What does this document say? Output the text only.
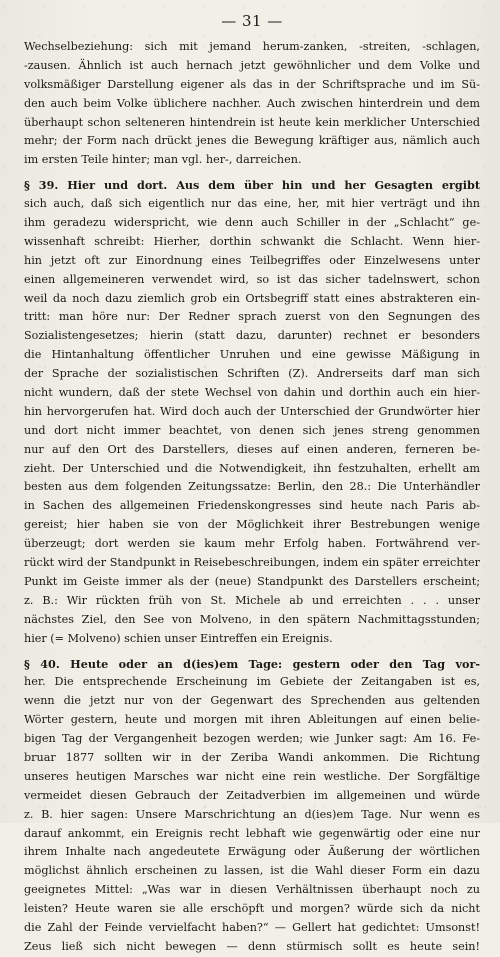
— 31 —
Wechselbeziehung: sich mit jemand herum-zanken, -streiten, -schlagen,
-zausen. Ähnlich ist auch hernach jetzt gewöhnlicher und dem Volke und
volksmäßiger Darstellung eigener als das in der Schriftsprache und im Sü-
den auch beim Volke üblichere nachher. Auch zwischen hinterdrein und dem
überhaupt schon selteneren hintendrein ist heute kein merklicher Unterschied
mehr; der Form nach drückt jenes die Bewegung kräftiger aus, nämlich auch
im ersten Teile hinter; man vgl. her-, darreichen.
§ 39. Hier und dort. Aus dem über hin und her Gesagten ergibt
sich auch, daß sich eigentlich nur das eine, her, mit hier verträgt und ihn
ihm geradezu widerspricht, wie denn auch Schiller in der „Schlacht“ ge-
wissenhaft schreibt: Hierher, dorthin schwankt die Schlacht. Wenn hier-
hin jetzt oft zur Einordnung eines Teilbegriffes oder Einzelwesens unter
einen allgemeineren verwendet wird, so ist das sicher tadelnswert, schon
weil da noch dazu ziemlich grob ein Ortsbegriff statt eines abstrakteren ein-
tritt: man höre nur: Der Redner sprach zuerst von den Segnungen des
Sozialistengesetzes; hierin (statt dazu, darunter) rechnet er besonders
die Hintanhaltung öffentlicher Unruhen und eine gewisse Mäßigung in
der Sprache der sozialistischen Schriften (Z). Andrerseits darf man sich
nicht wundern, daß der stete Wechsel von dahin und dorthin auch ein hier-
hin hervorgerufen hat. Wird doch auch der Unterschied der Grundwörter hier
und dort nicht immer beachtet, von denen sich jenes streng genommen
nur auf den Ort des Darstellers, dieses auf einen anderen, ferneren be-
zieht. Der Unterschied und die Notwendigkeit, ihn festzuhalten, erhellt am
besten aus dem folgenden Zeitungssatze: Berlin, den 28.: Die Unterhändler
in Sachen des allgemeinen Friedenskongresses sind heute nach Paris ab-
gereist; hier haben sie von der Möglichkeit ihrer Bestrebungen wenige
überzeugt; dort werden sie kaum mehr Erfolg haben. Fortwährend ver-
rückt wird der Standpunkt in Reisebeschreibungen, indem ein später erreichter
Punkt im Geiste immer als der (neue) Standpunkt des Darstellers erscheint;
z. B.: Wir rückten früh von St. Michele ab und erreichten . . . unser
nächstes Ziel, den See von Molveno, in den spätern Nachmittagsstunden;
hier (= Molveno) schien unser Eintreffen ein Ereignis.
§ 40. Heute oder an d(ies)em Tage: gestern oder den Tag vor-
her. Die entsprechende Erscheinung im Gebiete der Zeitangaben ist es,
wenn die jetzt nur von der Gegenwart des Sprechenden aus geltenden
Wörter gestern, heute und morgen mit ihren Ableitungen auf einen belie-
bigen Tag der Vergangenheit bezogen werden; wie Junker sagt: Am 16. Fe-
bruar 1877 sollten wir in der Zeriba Wandi ankommen. Die Richtung
unseres heutigen Marsches war nicht eine rein westliche. Der Sorgfältige
vermeidet diesen Gebrauch der Zeitadverbien im allgemeinen und würde
z. B. hier sagen: Unsere Marschrichtung an d(ies)em Tage. Nur wenn es
darauf ankommt, ein Ereignis recht lebhaft wie gegenwärtig oder eine nur
ihrem Inhalte nach angedeutete Erwägung oder Äußerung der wörtlichen
möglichst ähnlich erscheinen zu lassen, ist die Wahl dieser Form ein dazu
geeignetes Mittel: „Was war in diesen Verhältnissen überhaupt noch zu
leisten? Heute waren sie alle erschöpft und morgen? würde sich da nicht
die Zahl der Feinde vervielfacht haben?“ — Gellert hat gedichtet: Umsonst!
Zeus ließ sich nicht bewegen — denn stürmisch sollt es heute sein!
